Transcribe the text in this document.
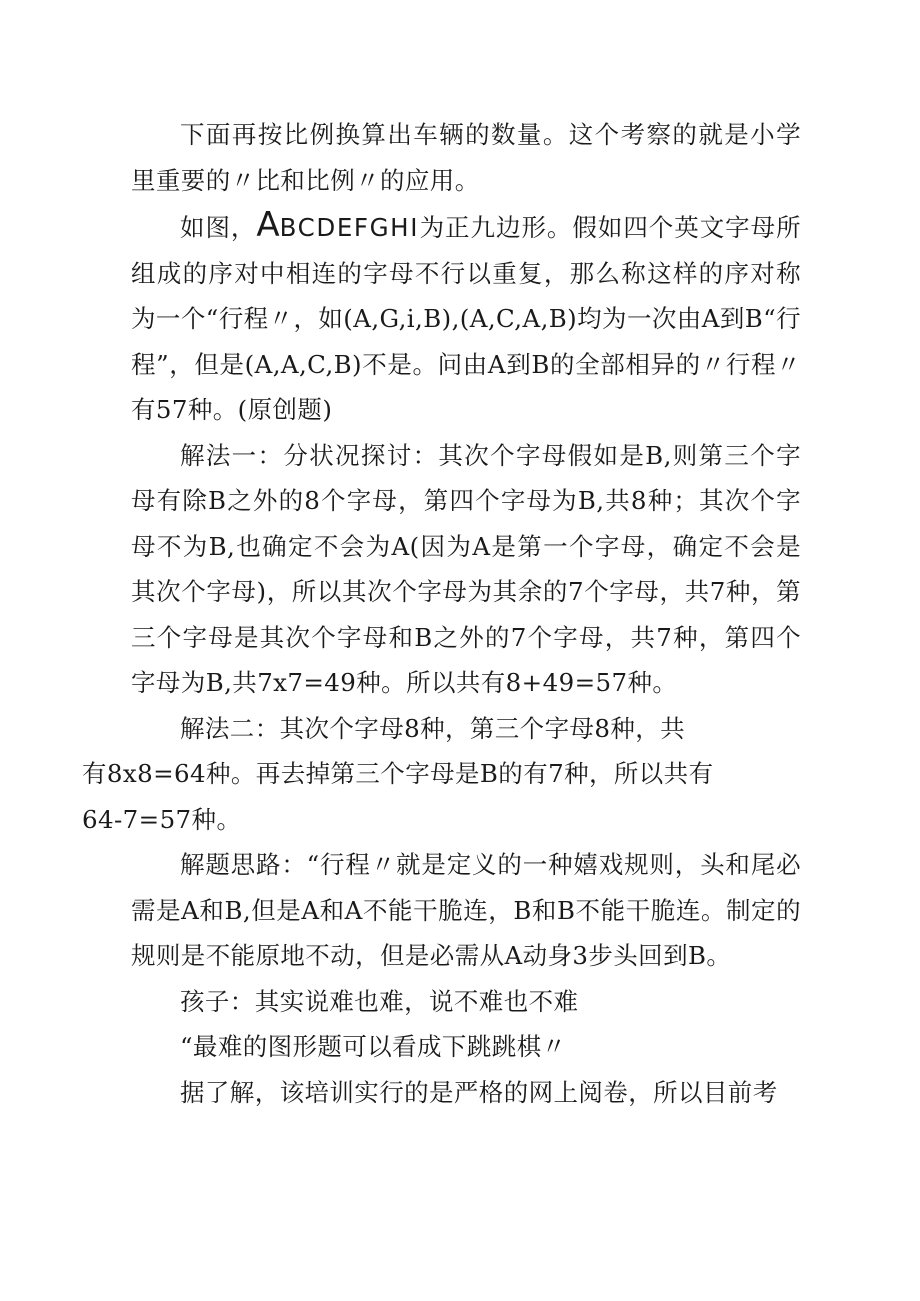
下面再按比例换算出车辆的数量。这个考察的就是小学里重要的〃比和比例〃的应用。

如图，ABCDEFGHI为正九边形。假如四个英文字母所组成的序对中相连的字母不行以重复，那么称这样的序对称为一个“行程〃，如(A,G,i,B),(A,C,A,B)均为一次由A到B“行程”，但是(A,A,C,B)不是。问由A到B的全部相异的〃行程〃有57种。(原创题)

解法一：分状况探讨：其次个字母假如是B,则第三个字母有除B之外的8个字母，第四个字母为B,共8种；其次个字母不为B,也确定不会为A(因为A是第一个字母，确定不会是其次个字母)，所以其次个字母为其余的7个字母，共7种，第三个字母是其次个字母和B之外的7个字母，共7种，第四个字母为B,共7x7=49种。所以共有8+49=57种。

解法二：其次个字母8种，第三个字母8种，共
有8x8=64种。再去掉第三个字母是B的有7种，所以共有64-7=57种。

解题思路：“行程〃就是定义的一种嬉戏规则，头和尾必需是A和B,但是A和A不能干脆连，B和B不能干脆连。制定的规则是不能原地不动，但是必需从A动身3步头回到B。

孩子：其实说难也难，说不难也不难

“最难的图形题可以看成下跳跳棋〃

据了解，该培训实行的是严格的网上阅卷，所以目前考
